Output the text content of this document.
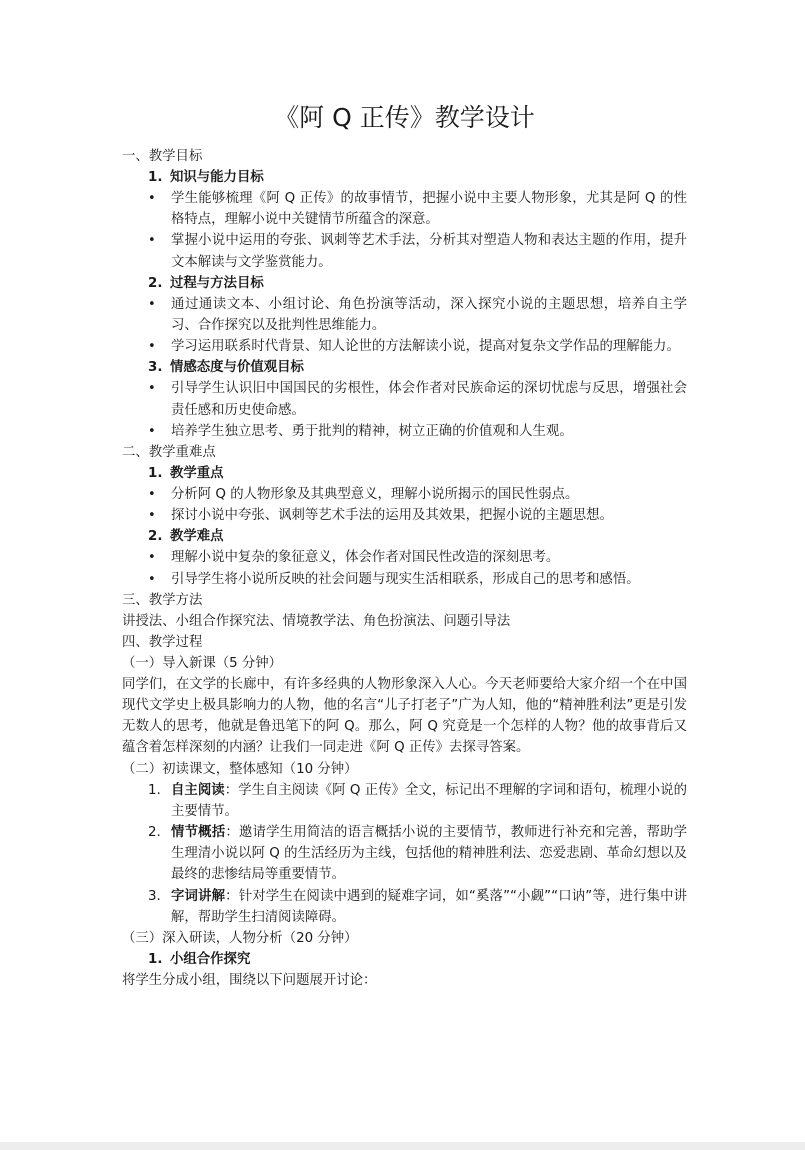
《阿 Q 正传》教学设计
一、教学目标
1. 知识与能力目标
• 学生能够梳理《阿 Q 正传》的故事情节，把握小说中主要人物形象，尤其是阿 Q 的性格特点，理解小说中关键情节所蕴含的深意。
• 掌握小说中运用的夸张、讽刺等艺术手法，分析其对塑造人物和表达主题的作用，提升文本解读与文学鉴赏能力。
2. 过程与方法目标
• 通过通读文本、小组讨论、角色扮演等活动，深入探究小说的主题思想，培养自主学习、合作探究以及批判性思维能力。
• 学习运用联系时代背景、知人论世的方法解读小说，提高对复杂文学作品的理解能力。
3. 情感态度与价值观目标
• 引导学生认识旧中国国民的劣根性，体会作者对民族命运的深切忧虑与反思，增强社会责任感和历史使命感。
• 培养学生独立思考、勇于批判的精神，树立正确的价值观和人生观。
二、教学重难点
1. 教学重点
• 分析阿 Q 的人物形象及其典型意义，理解小说所揭示的国民性弱点。
• 探讨小说中夸张、讽刺等艺术手法的运用及其效果，把握小说的主题思想。
2. 教学难点
• 理解小说中复杂的象征意义，体会作者对国民性改造的深刻思考。
• 引导学生将小说所反映的社会问题与现实生活相联系，形成自己的思考和感悟。
三、教学方法
讲授法、小组合作探究法、情境教学法、角色扮演法、问题引导法
四、教学过程
（一）导入新课（5 分钟）
同学们，在文学的长廊中，有许多经典的人物形象深入人心。今天老师要给大家介绍一个在中国现代文学史上极具影响力的人物，他的名言“儿子打老子”广为人知，他的“精神胜利法”更是引发无数人的思考，他就是鲁迅笔下的阿 Q。那么，阿 Q 究竟是一个怎样的人物？他的故事背后又蕴含着怎样深刻的内涵？让我们一同走进《阿 Q 正传》去探寻答案。
（二）初读课文，整体感知（10 分钟）
1. 自主阅读：学生自主阅读《阿 Q 正传》全文，标记出不理解的字词和语句，梳理小说的主要情节。
2. 情节概括：邀请学生用简洁的语言概括小说的主要情节，教师进行补充和完善，帮助学生理清小说以阿 Q 的生活经历为主线，包括他的精神胜利法、恋爱悲剧、革命幻想以及最终的悲惨结局等重要情节。
3. 字词讲解：针对学生在阅读中遇到的疑难字词，如“奚落”“小觑”“口讷”等，进行集中讲解，帮助学生扫清阅读障碍。
（三）深入研读，人物分析（20 分钟）
1. 小组合作探究
将学生分成小组，围绕以下问题展开讨论：
